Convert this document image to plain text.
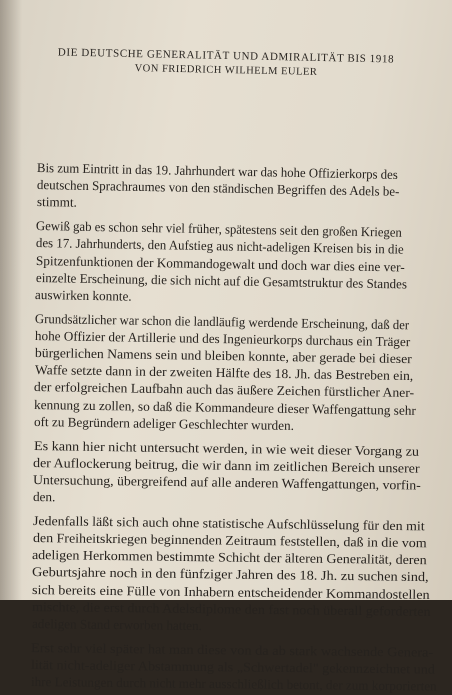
DIE DEUTSCHE GENERALITÄT UND ADMIRALITÄT BIS 1918
VON FRIEDRICH WILHELM EULER
Bis zum Eintritt in das 19. Jahrhundert war das hohe Offizierkorps des
deutschen Sprachraumes von den ständischen Begriffen des Adels be-
stimmt.
Gewiß gab es schon sehr viel früher, spätestens seit den großen Kriegen
des 17. Jahrhunderts, den Aufstieg aus nicht-adeligen Kreisen bis in die
Spitzenfunktionen der Kommandogewalt und doch war dies eine ver-
einzelte Erscheinung, die sich nicht auf die Gesamtstruktur des Standes
auswirken konnte.
Grundsätzlicher war schon die landläufig werdende Erscheinung, daß der
hohe Offizier der Artillerie und des Ingenieurkorps durchaus ein Träger
bürgerlichen Namens sein und bleiben konnte, aber gerade bei dieser
Waffe setzte dann in der zweiten Hälfte des 18. Jh. das Bestreben ein,
der erfolgreichen Laufbahn auch das äußere Zeichen fürstlicher Aner-
kennung zu zollen, so daß die Kommandeure dieser Waffengattung sehr
oft zu Begründern adeliger Geschlechter wurden.
Es kann hier nicht untersucht werden, in wie weit dieser Vorgang zu
der Auflockerung beitrug, die wir dann im zeitlichen Bereich unserer
Untersuchung, übergreifend auf alle anderen Waffengattungen, vorfin-
den.
Jedenfalls läßt sich auch ohne statistische Aufschlüsselung für den mit
den Freiheitskriegen beginnenden Zeitraum feststellen, daß in die vom
adeligen Herkommen bestimmte Schicht der älteren Generalität, deren
Geburtsjahre noch in den fünfziger Jahren des 18. Jh. zu suchen sind,
sich bereits eine Fülle von Inhabern entscheidender Kommandostellen
mischte, die erst durch Adelsdiplome den fast noch überall geforderten
adeligen Stand erworben hatten.
Erst sehr viel später hat man diese von da ab stark wachsende Genera-
lität nicht-adeliger Abstammung als „Schwertadel" gekennzeichnet und
ihre Leistungen durch nicht mehr ausschließlich betont, der zum korporierten
